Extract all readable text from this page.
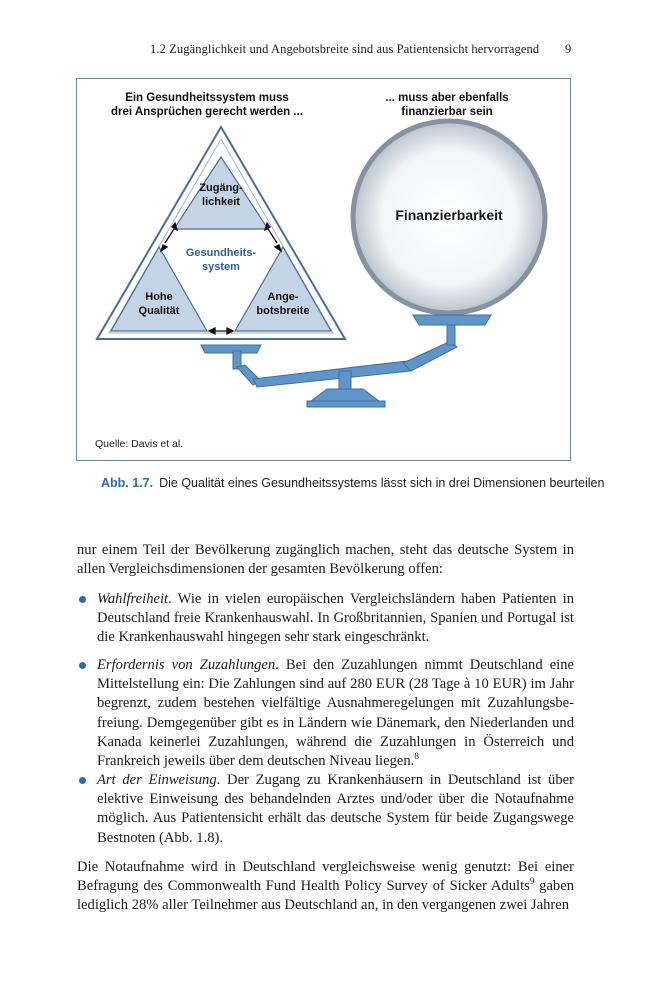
1.2 Zugänglichkeit und Angebotsbreite sind aus Patientensicht hervorragend	9
Ein Gesundheitssystem muss
drei Ansprüchen gerecht werden ...
... muss aber ebenfalls
finanzierbar sein
Zugäng-
lichkeit
Gesundheits-
system
Hohe
Qualität
Ange-
botsbreite
Finanzierbarkeit
Quelle: Davis et al.
Abb. 1.7. Die Qualität eines Gesundheitssystems lässt sich in drei Dimensionen beurteilen
nur einem Teil der Bevölkerung zugänglich machen, steht das deutsche System in allen Vergleichsdimensionen der gesamten Bevölkerung offen:
Wahlfreiheit. Wie in vielen europäischen Vergleichsländern haben Patienten in Deutschland freie Krankenhauswahl. In Großbritannien, Spanien und Portugal ist die Krankenhauswahl hingegen sehr stark eingeschränkt.
Erfordernis von Zuzahlungen. Bei den Zuzahlungen nimmt Deutschland eine Mittelstellung ein: Die Zahlungen sind auf 280 EUR (28 Tage à 10 EUR) im Jahr begrenzt, zudem bestehen vielfältige Ausnahmeregelungen mit Zuzahlungsbefreiung. Demgegenüber gibt es in Ländern wie Dänemark, den Niederlanden und Kanada keinerlei Zuzahlungen, während die Zuzahlungen in Österreich und Frankreich jeweils über dem deutschen Niveau liegen.$^8$
Art der Einweisung. Der Zugang zu Krankenhäusern in Deutschland ist über elektive Einweisung des behandelnden Arztes und/oder über die Notaufnahme möglich. Aus Patientensicht erhält das deutsche System für beide Zugangswege Bestnoten (Abb. 1.8).
Die Notaufnahme wird in Deutschland vergleichsweise wenig genutzt: Bei einer Befragung des Commonwealth Fund Health Policy Survey of Sicker Adults$^9$ gaben lediglich 28% aller Teilnehmer aus Deutschland an, in den vergangenen zwei Jahren
